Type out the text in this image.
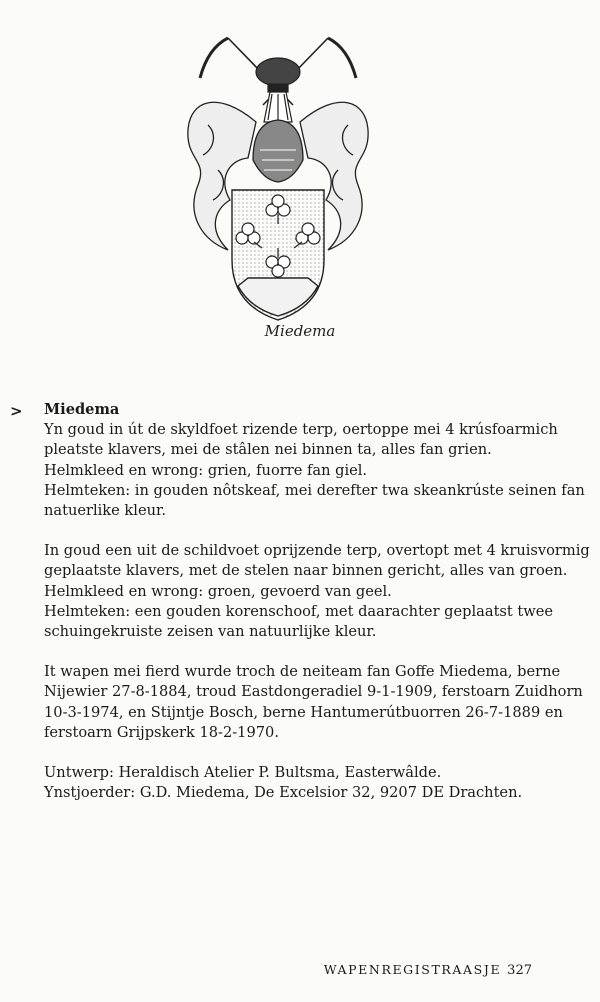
Miedema
> Miedema
Yn goud in út de skyldfoet rizende terp, oertoppe mei 4 krúsfoarmich
pleatste klavers, mei de stâlen nei binnen ta, alles fan grien.
Helmkleed en wrong: grien, fuorre fan giel.
Helmteken: in gouden nôtskeaf, mei derefter twa skeankrúste seinen fan
natuerlike kleur.
In goud een uit de schildvoet oprijzende terp, overtopt met 4 kruisvormig
geplaatste klavers, met de stelen naar binnen gericht, alles van groen.
Helmkleed en wrong: groen, gevoerd van geel.
Helmteken: een gouden korenschoof, met daarachter geplaatst twee
schuingekruiste zeisen van natuurlijke kleur.
It wapen mei fierd wurde troch de neiteam fan Goffe Miedema, berne
Nijewier 27-8-1884, troud Eastdongeradiel 9-1-1909, ferstoarn Zuidhorn
10-3-1974, en Stijntje Bosch, berne Hantumerútbuorren 26-7-1889 en
ferstoarn Grijpskerk 18-2-1970.
Untwerp: Heraldisch Atelier P. Bultsma, Easterwâlde.
Ynstjoerder: G.D. Miedema, De Excelsior 32, 9207 DE Drachten.
WAPENREGISTRAASJE 327
